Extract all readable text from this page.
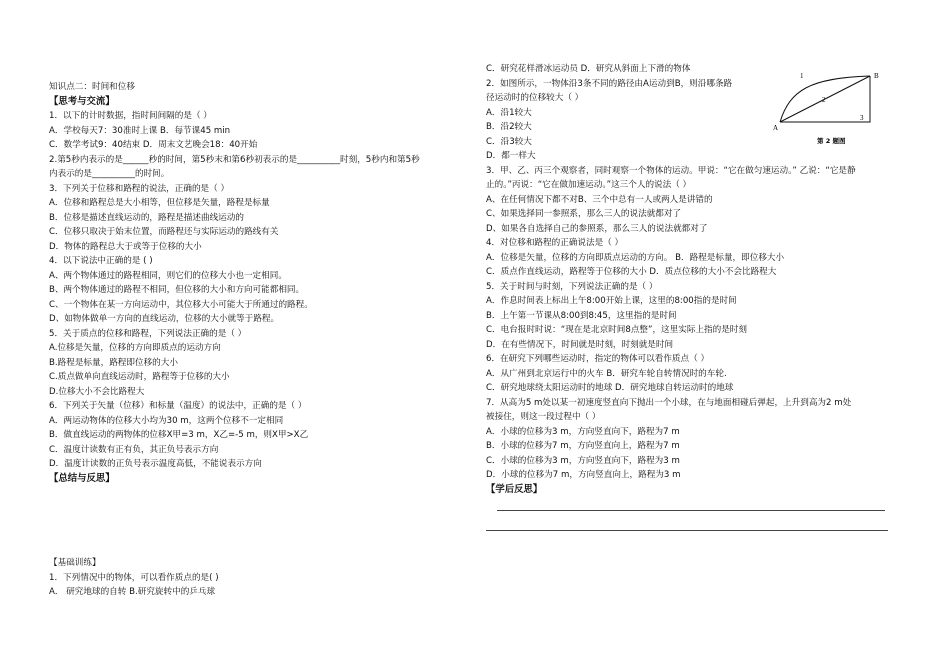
C．研究花样滑冰运动员 D．研究从斜面上下滑的物体
2．如图所示，一物体沿3条不同的路径由A运动到B，则沿哪条路
径运动时的位移较大（ ）
A．沿1较大
B．沿2较大
C．沿3较大
D．都一样大
3．甲、乙、丙三个观察者，同时观察一个物体的运动。甲说：“它在做匀速运动。” 乙说：“它是静
止的。”丙说：“它在做加速运动。”这三个人的说法（ ）
A、在任何情况下都不对B、三个中总有一人或两人是讲错的
C、如果选择同一参照系，那么三人的说法就都对了
D、如果各自选择自己的参照系，那么三人的说法就都对了
4．对位移和路程的正确说法是（ ）
A．位移是矢量，位移的方向即质点运动的方向。 B．路程是标量，即位移大小
C．质点作直线运动，路程等于位移的大小 D．质点位移的大小不会比路程大
5．关于时间与时刻，下列说法正确的是（ ）
A．作息时间表上标出上午8:00开始上课，这里的8:00指的是时间
B．上午第一节课从8:00到8:45，这里指的是时间
C．电台报时时说：“现在是北京时间8点整”，这里实际上指的是时刻
D．在有些情况下，时间就是时刻，时刻就是时间
6．在研究下列哪些运动时，指定的物体可以看作质点（ ）
A．从广州到北京运行中的火车 B．研究车轮自转情况时的车轮.
C．研究地球绕太阳运动时的地球 D．研究地球自转运动时的地球
7．从高为5 m处以某一初速度竖直向下抛出一个小球，在与地面相碰后弹起，上升到高为2 m处
被接住，则这一段过程中（ ）
A．小球的位移为3 m，方向竖直向下，路程为7 m
B．小球的位移为7 m，方向竖直向上，路程为7 m
C．小球的位移为3 m，方向竖直向下，路程为3 m
D．小球的位移为7 m，方向竖直向上，路程为3 m
【学后反思】
1	B
2
A
3
第 2 题图
知识点二：时间和位移
【思考与交流】
1．以下的计时数据，指时间间隔的是（ ）
A．学校每天7：30准时上课 B．每节课45 min
C．数学考试9：40结束 D．周末文艺晚会18：40开始
2.第5秒内表示的是______秒的时间，第5秒末和第6秒初表示的是__________时刻，5秒内和第5秒
内表示的是__________的时间。
3．下列关于位移和路程的说法，正确的是（ ）
A．位移和路程总是大小相等，但位移是矢量，路程是标量
B．位移是描述直线运动的，路程是描述曲线运动的
C．位移只取决于始末位置，而路程还与实际运动的路线有关
D．物体的路程总大于或等于位移的大小
4．以下说法中正确的是 ( )
A、两个物体通过的路程相同，则它们的位移大小也一定相同。
B、两个物体通过的路程不相同，但位移的大小和方向可能都相同。
C、一个物体在某一方向运动中，其位移大小可能大于所通过的路程。
D、如物体做单一方向的直线运动，位移的大小就等于路程。
5．关于质点的位移和路程，下列说法正确的是（ ）
A.位移是矢量，位移的方向即质点的运动方向
B.路程是标量，路程即位移的大小
C.质点做单向直线运动时，路程等于位移的大小
D.位移大小不会比路程大
6．下列关于矢量（位移）和标量（温度）的说法中，正确的是（ ）
A．两运动物体的位移大小均为30 m，这两个位移不一定相同
B．做直线运动的两物体的位移X甲=3 m，X乙=-5 m，则X甲>X乙
C．温度计读数有正有负，其正负号表示方向
D．温度计读数的正负号表示温度高低，不能说表示方向
【总结与反思】
【基础训练】
1．下列情况中的物体，可以看作质点的是( )
A． 研究地球的自转 B.研究旋转中的乒乓球
